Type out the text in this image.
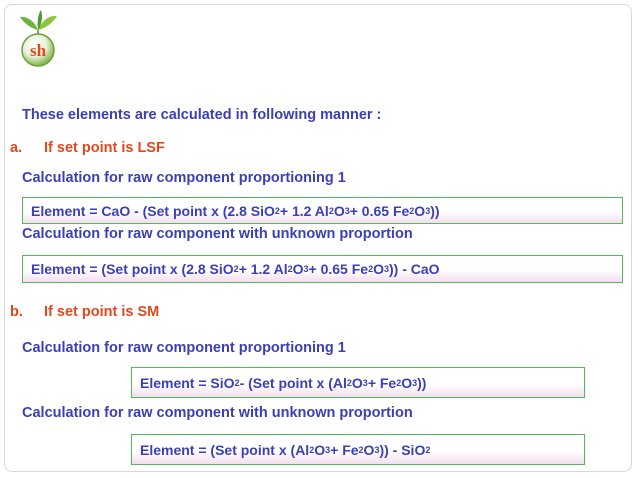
sh
These elements are calculated in following manner :
a. If set point is LSF
Calculation for raw component proportioning 1
Element = CaO - (Set point x (2.8 SiO 2 + 1.2 Al 2 O 3 + 0.65 Fe 2 O 3 ))
Calculation for raw component with unknown proportion
Element = (Set point x (2.8 SiO 2 + 1.2 Al 2 O 3 + 0.65 Fe 2 O 3 )) - CaO
b. If set point is SM
Calculation for raw component proportioning 1
Element = SiO 2 - (Set point x (Al 2 O 3 + Fe 2 O 3 ))
Calculation for raw component with unknown proportion
Element = (Set point x (Al 2 O 3 + Fe 2 O 3 )) - SiO 2
